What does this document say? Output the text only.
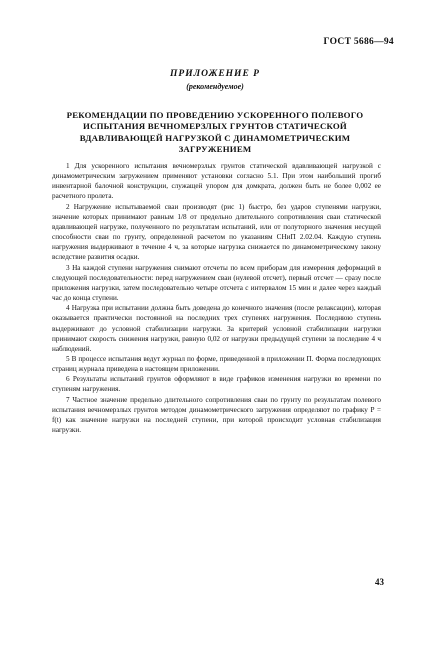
ГОСТ 5686—94
ПРИЛОЖЕНИЕ Р
(рекомендуемое)
РЕКОМЕНДАЦИИ ПО ПРОВЕДЕНИЮ УСКОРЕННОГО ПОЛЕВОГО ИСПЫТАНИЯ ВЕЧНОМЕРЗЛЫХ ГРУНТОВ СТАТИЧЕСКОЙ ВДАВЛИВАЮЩЕЙ НАГРУЗКОЙ С ДИНАМОМЕТРИЧЕСКИМ ЗАГРУЖЕНИЕМ

1 Для ускоренного испытания вечномерзлых грунтов статической вдавливающей нагрузкой с динамометрическим загружением применяют установки согласно 5.1. При этом наибольший прогиб инвентарной балочной конструкции, служащей упором для домкрата, должен быть не более 0,002 ее расчетного пролета.

2 Нагружение испытываемой сваи производят (рис 1) быстро, без ударов ступенями нагрузки, значение которых принимают равным 1/8 от предельно длительного сопротивления сваи статической вдавливающей нагрузке, полученного по результатам испытаний, или от полуторного значения несущей способности сваи по грунту, определенной расчетом по указаниям СНиП 2.02.04. Каждую ступень нагружения выдерживают в течение 4 ч, за которые нагрузка снижается по динамометрическому закону вследствие развития осадки.

3 На каждой ступени нагружения снимают отсчеты по всем приборам для измерения деформаций в следующей последовательности: перед нагружением сваи (нулевой отсчет), первый отсчет — сразу после приложения нагрузки, затем последовательно четыре отсчета с интервалом 15 мин и далее через каждый час до конца ступени.

4 Нагрузка при испытании должна быть доведена до конечного значения (после релаксации), которая оказывается практически постоянной на последних трех ступенях нагружения. Последнюю ступень выдерживают до условной стабилизации нагрузки. За критерий условной стабилизации нагрузки принимают скорость снижения нагрузки, равную 0,02 от нагрузки предыдущей ступени за последние 4 ч наблюдений.

5 В процессе испытания ведут журнал по форме, приведенной в приложении П. Форма последующих страниц журнала приведена в настоящем приложении.

6 Результаты испытаний грунтов оформляют в виде графиков изменения нагрузки во времени по ступеням нагружения.

7 Частное значение предельно длительного сопротивления сваи по грунту по результатам полевого испытания вечномерзлых грунтов методом динамометрического загружения определяют по графику P = f(t) как значение нагрузки на последней ступени, при которой происходит условная стабилизация нагрузки.

43
